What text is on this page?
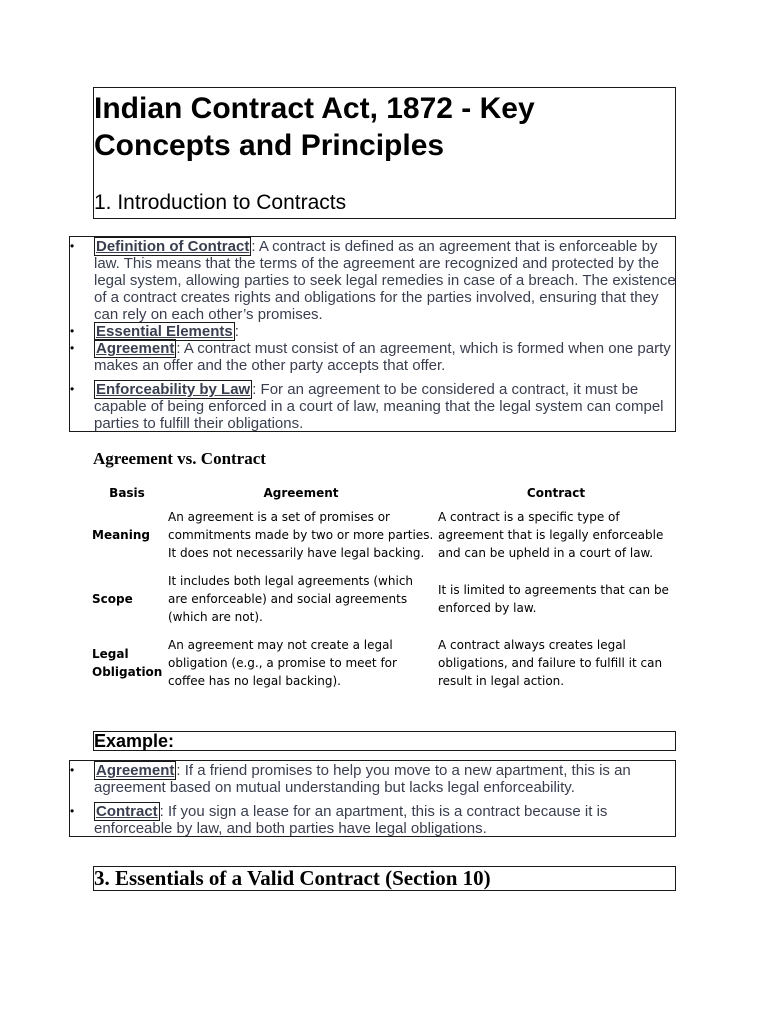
Indian Contract Act, 1872 - Key Concepts and Principles
1. Introduction to Contracts
• Definition of Contract : A contract is defined as an agreement that is enforceable by law. This means that the terms of the agreement are recognized and protected by the legal system, allowing parties to seek legal remedies in case of a breach. The existence of a contract creates rights and obligations for the parties involved, ensuring that they can rely on each other’s promises.
• Essential Elements :
• Agreement : A contract must consist of an agreement, which is formed when one party makes an offer and the other party accepts that offer.
• Enforceability by Law : For an agreement to be considered a contract, it must be capable of being enforced in a court of law, meaning that the legal system can compel parties to fulfill their obligations.
Agreement vs. Contract
Basis	Agreement	Contract
Meaning	An agreement is a set of promises or commitments made by two or more parties. It does not necessarily have legal backing.	A contract is a specific type of agreement that is legally enforceable and can be upheld in a court of law.
Scope	It includes both legal agreements (which are enforceable) and social agreements (which are not).	It is limited to agreements that can be enforced by law.
Legal Obligation	An agreement may not create a legal obligation (e.g., a promise to meet for coffee has no legal backing).	A contract always creates legal obligations, and failure to fulfill it can result in legal action.
Example:
• Agreement : If a friend promises to help you move to a new apartment, this is an agreement based on mutual understanding but lacks legal enforceability.
• Contract : If you sign a lease for an apartment, this is a contract because it is enforceable by law, and both parties have legal obligations.
3. Essentials of a Valid Contract (Section 10)
